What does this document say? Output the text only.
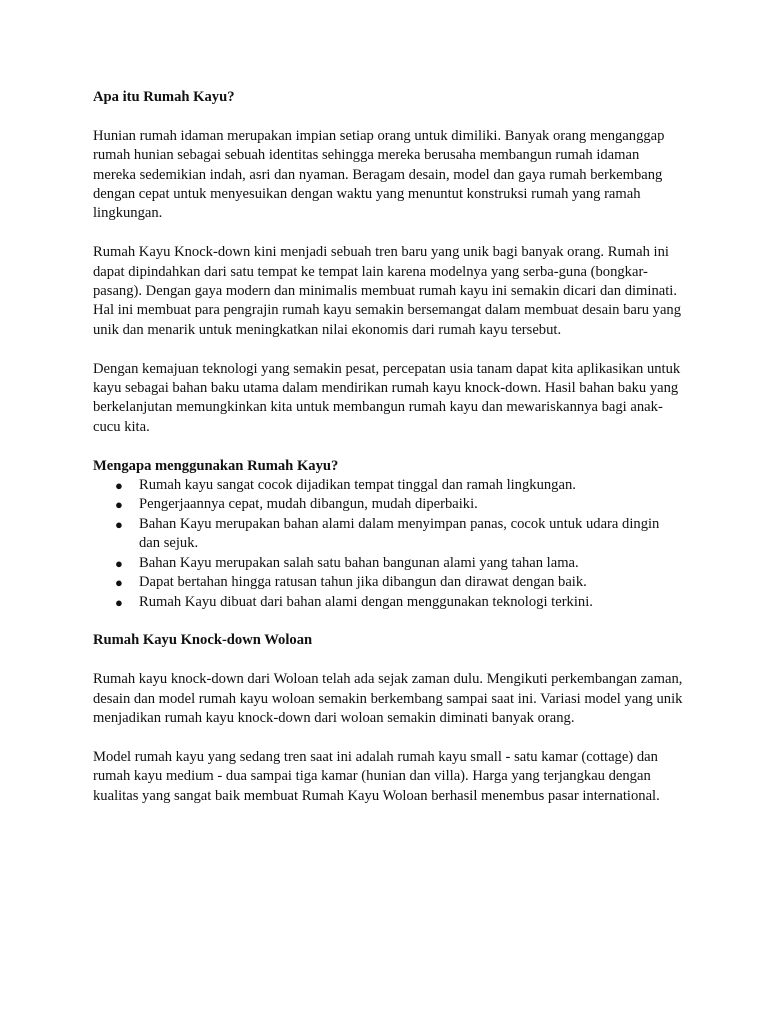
Apa itu Rumah Kayu?

Hunian rumah idaman merupakan impian setiap orang untuk dimiliki. Banyak orang menganggap rumah hunian sebagai sebuah identitas sehingga mereka berusaha membangun rumah idaman mereka sedemikian indah, asri dan nyaman. Beragam desain, model dan gaya rumah berkembang dengan cepat untuk menyesuikan dengan waktu yang menuntut konstruksi rumah yang ramah lingkungan.

Rumah Kayu Knock-down kini menjadi sebuah tren baru yang unik bagi banyak orang. Rumah ini dapat dipindahkan dari satu tempat ke tempat lain karena modelnya yang serba-guna (bongkar-pasang). Dengan gaya modern dan minimalis membuat rumah kayu ini semakin dicari dan diminati. Hal ini membuat para pengrajin rumah kayu semakin bersemangat dalam membuat desain baru yang unik dan menarik untuk meningkatkan nilai ekonomis dari rumah kayu tersebut.

Dengan kemajuan teknologi yang semakin pesat, percepatan usia tanam dapat kita aplikasikan untuk kayu sebagai bahan baku utama dalam mendirikan rumah kayu knock-down. Hasil bahan baku yang berkelanjutan memungkinkan kita untuk membangun rumah kayu dan mewariskannya bagi anak-cucu kita.

Mengapa menggunakan Rumah Kayu?
● Rumah kayu sangat cocok dijadikan tempat tinggal dan ramah lingkungan.
● Pengerjaannya cepat, mudah dibangun, mudah diperbaiki.
● Bahan Kayu merupakan bahan alami dalam menyimpan panas, cocok untuk udara dingin dan sejuk.
● Bahan Kayu merupakan salah satu bahan bangunan alami yang tahan lama.
● Dapat bertahan hingga ratusan tahun jika dibangun dan dirawat dengan baik.
● Rumah Kayu dibuat dari bahan alami dengan menggunakan teknologi terkini.
Rumah Kayu Knock-down Woloan

Rumah kayu knock-down dari Woloan telah ada sejak zaman dulu. Mengikuti perkembangan zaman, desain dan model rumah kayu woloan semakin berkembang sampai saat ini. Variasi model yang unik menjadikan rumah kayu knock-down dari woloan semakin diminati banyak orang.

Model rumah kayu yang sedang tren saat ini adalah rumah kayu small - satu kamar (cottage) dan rumah kayu medium - dua sampai tiga kamar (hunian dan villa). Harga yang terjangkau dengan kualitas yang sangat baik membuat Rumah Kayu Woloan berhasil menembus pasar international.
